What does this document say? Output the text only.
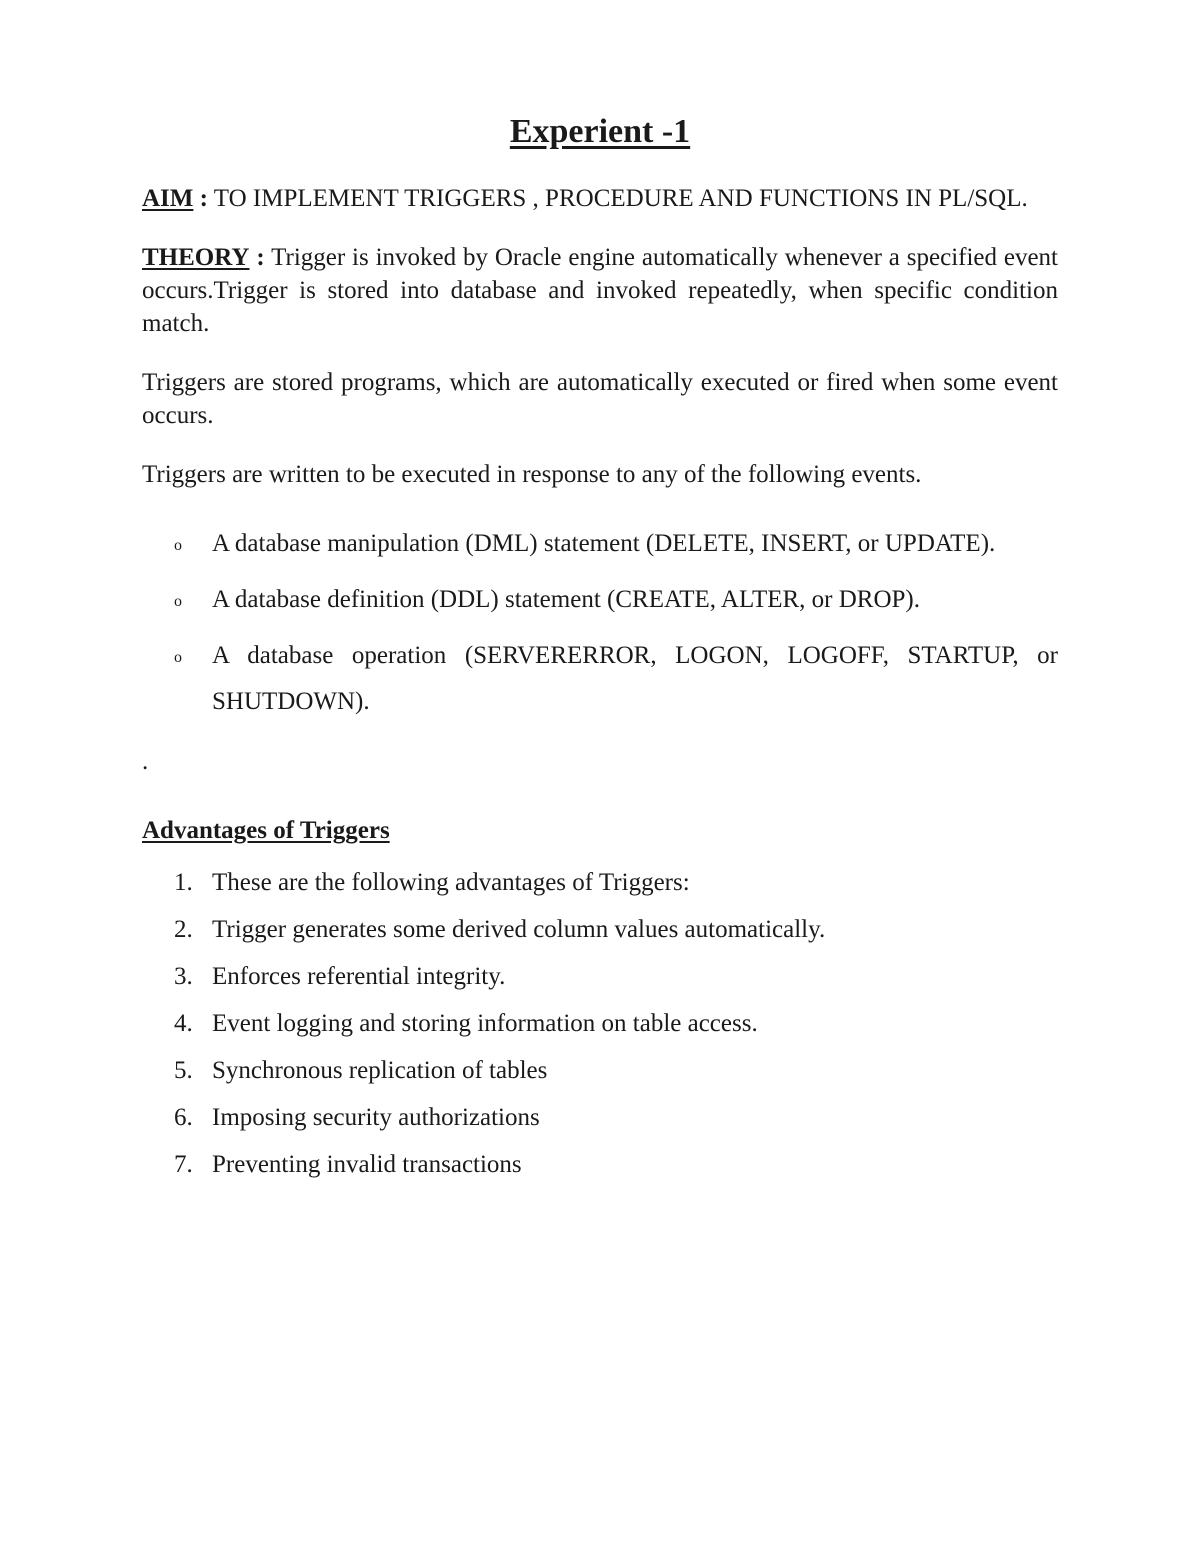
Experient -1

AIM : TO IMPLEMENT TRIGGERS , PROCEDURE AND FUNCTIONS IN PL/SQL.

THEORY : Trigger is invoked by Oracle engine automatically whenever a specified event occurs.Trigger is stored into database and invoked repeatedly, when specific condition match.

Triggers are stored programs, which are automatically executed or fired when some event occurs.

Triggers are written to be executed in response to any of the following events.

o A database manipulation (DML) statement (DELETE, INSERT, or UPDATE).
o A database definition (DDL) statement (CREATE, ALTER, or DROP).
o A database operation (SERVERERROR, LOGON, LOGOFF, STARTUP, or SHUTDOWN).
.
Advantages of Triggers
1. These are the following advantages of Triggers:
2. Trigger generates some derived column values automatically.
3. Enforces referential integrity.
4. Event logging and storing information on table access.
5. Synchronous replication of tables
6. Imposing security authorizations
7. Preventing invalid transactions
